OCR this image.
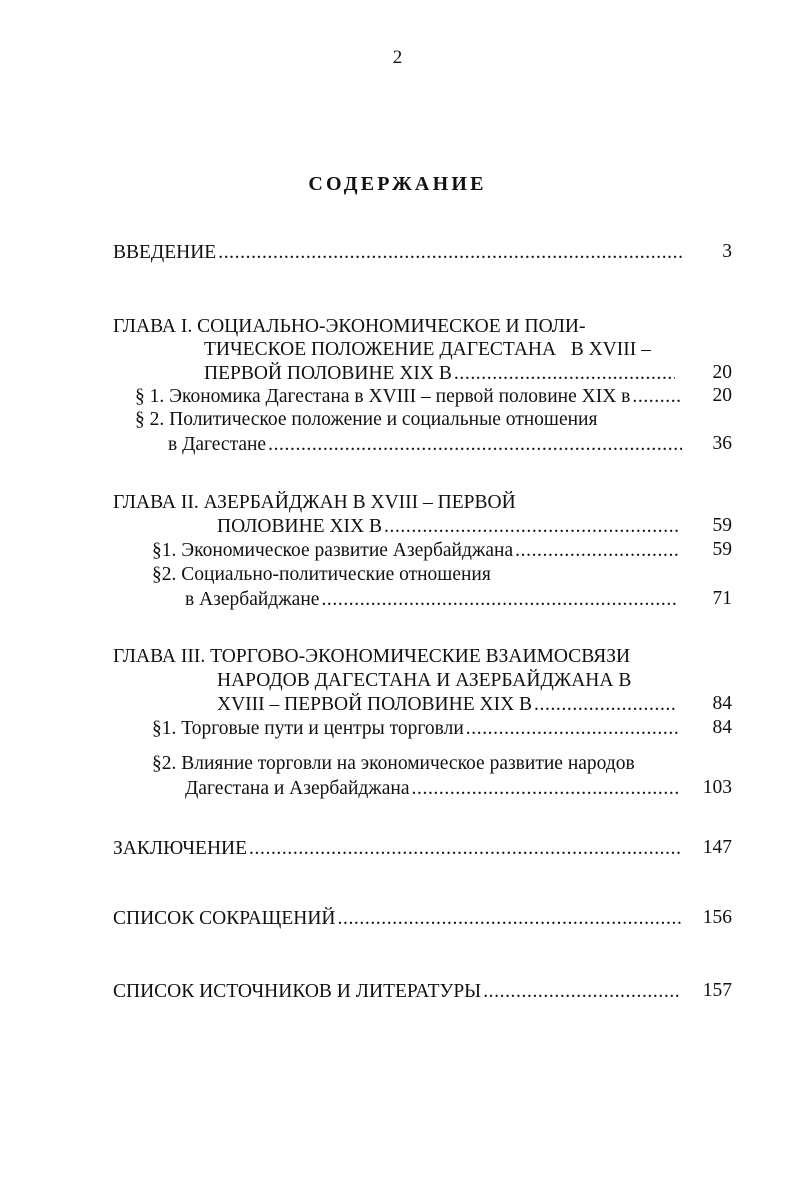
2
СОДЕРЖАНИЕ
ВВЕДЕНИЕ .....	3
ГЛАВА I. СОЦИАЛЬНО-ЭКОНОМИЧЕСКОЕ И ПОЛИ-
ТИЧЕСКОЕ ПОЛОЖЕНИЕ ДАГЕСТАНА   В XVIII –
ПЕРВОЙ ПОЛОВИНЕ XIX В .....	20
§ 1. Экономика Дагестана в XVIII – первой половине XIX в .....	20
§ 2. Политическое положение и социальные отношения
в Дагестане .....	36
ГЛАВА II. АЗЕРБАЙДЖАН В XVIII – ПЕРВОЙ
ПОЛОВИНЕ XIX В .....	59
§1. Экономическое развитие Азербайджана .....	59
§2. Социально-политические отношения
в Азербайджане .....	71
ГЛАВА III. ТОРГОВО-ЭКОНОМИЧЕСКИЕ ВЗАИМОСВЯЗИ
НАРОДОВ ДАГЕСТАНА И АЗЕРБАЙДЖАНА В
XVIII – ПЕРВОЙ ПОЛОВИНЕ XIX В .....	84
§1. Торговые пути и центры торговли .....	84
§2. Влияние торговли на экономическое развитие народов
Дагестана и Азербайджана .....	103
ЗАКЛЮЧЕНИЕ .....	147
СПИСОК СОКРАЩЕНИЙ .....	156
СПИСОК ИСТОЧНИКОВ И ЛИТЕРАТУРЫ .....	157
